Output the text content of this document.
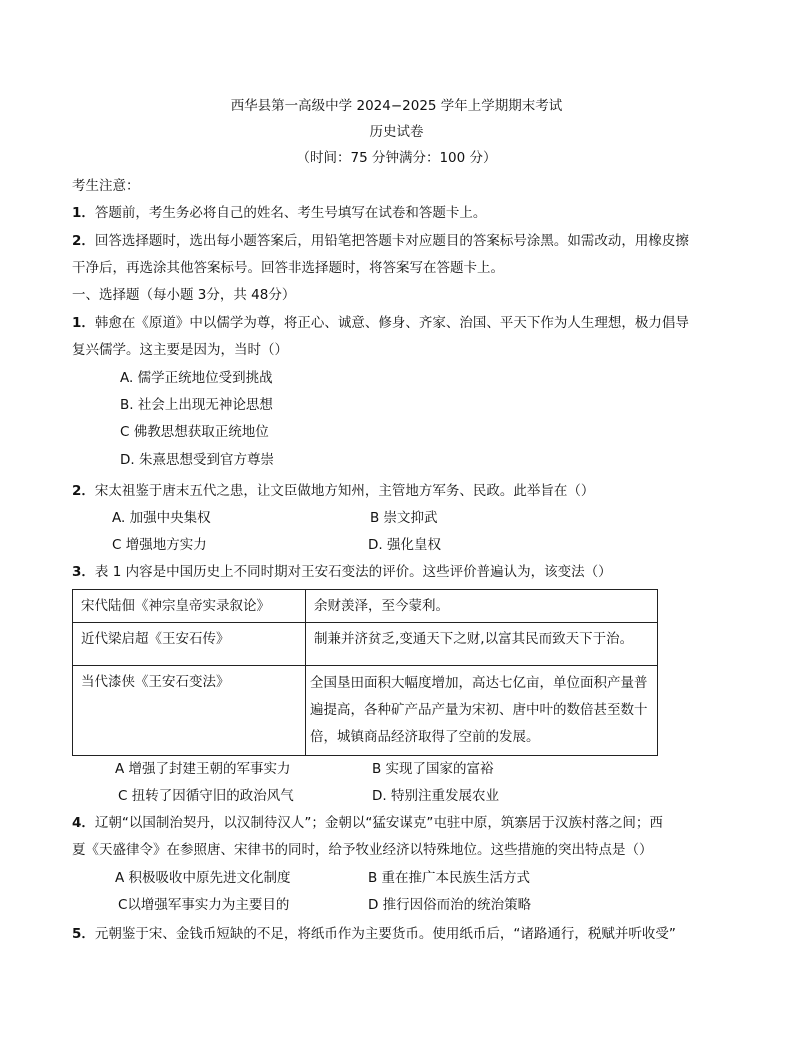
西华县第一高级中学 2024−2025 学年上学期期末考试
历史试卷
（时间：75 分钟满分：100 分）
考生注意：
1．答题前，考生务必将自己的姓名、考生号填写在试卷和答题卡上。
2．回答选择题时，选出每小题答案后，用铅笔把答题卡对应题目的答案标号涂黑。如需改动，用橡皮擦
干净后，再选涂其他答案标号。回答非选择题时，将答案写在答题卡上。
一、选择题（每小题 3分，共 48分）
1．韩愈在《原道》中以儒学为尊，将正心、诚意、修身、齐家、治国、平天下作为人生理想，极力倡导
复兴儒学。这主要是因为，当时（）
A. 儒学正统地位受到挑战
B. 社会上出现无神论思想
C 佛教思想获取正统地位
D. 朱熹思想受到官方尊崇
2．宋太祖鉴于唐末五代之患，让文臣做地方知州，主管地方军务、民政。此举旨在（）
A. 加强中央集权	B 崇文抑武
C 增强地方实力	D. 强化皇权
3．表 1 内容是中国历史上不同时期对王安石变法的评价。这些评价普遍认为，该变法（）
宋代陆佃《神宗皇帝实录叙论》	余财羡泽，至今蒙利。
近代梁启超《王安石传》	制兼并济贫乏,变通天下之财,以富其民而致天下于治。
当代漆侠《王安石变法》	全国垦田面积大幅度增加，高达七亿亩，单位面积产量普遍提高，各种矿产品产量为宋初、唐中叶的数倍甚至数十倍，城镇商品经济取得了空前的发展。
A 增强了封建王朝的军事实力	B 实现了国家的富裕
C 扭转了因循守旧的政治风气	D. 特别注重发展农业
4．辽朝“以国制治契丹，以汉制待汉人”；金朝以“猛安谋克”屯驻中原，筑寨居于汉族村落之间；西
夏《天盛律令》在参照唐、宋律书的同时，给予牧业经济以特殊地位。这些措施的突出特点是（）
A 积极吸收中原先进文化制度	B 重在推广本民族生活方式
C以增强军事实力为主要目的	D 推行因俗而治的统治策略
5．元朝鉴于宋、金钱币短缺的不足，将纸币作为主要货币。使用纸币后，“诸路通行，税赋并听收受”
